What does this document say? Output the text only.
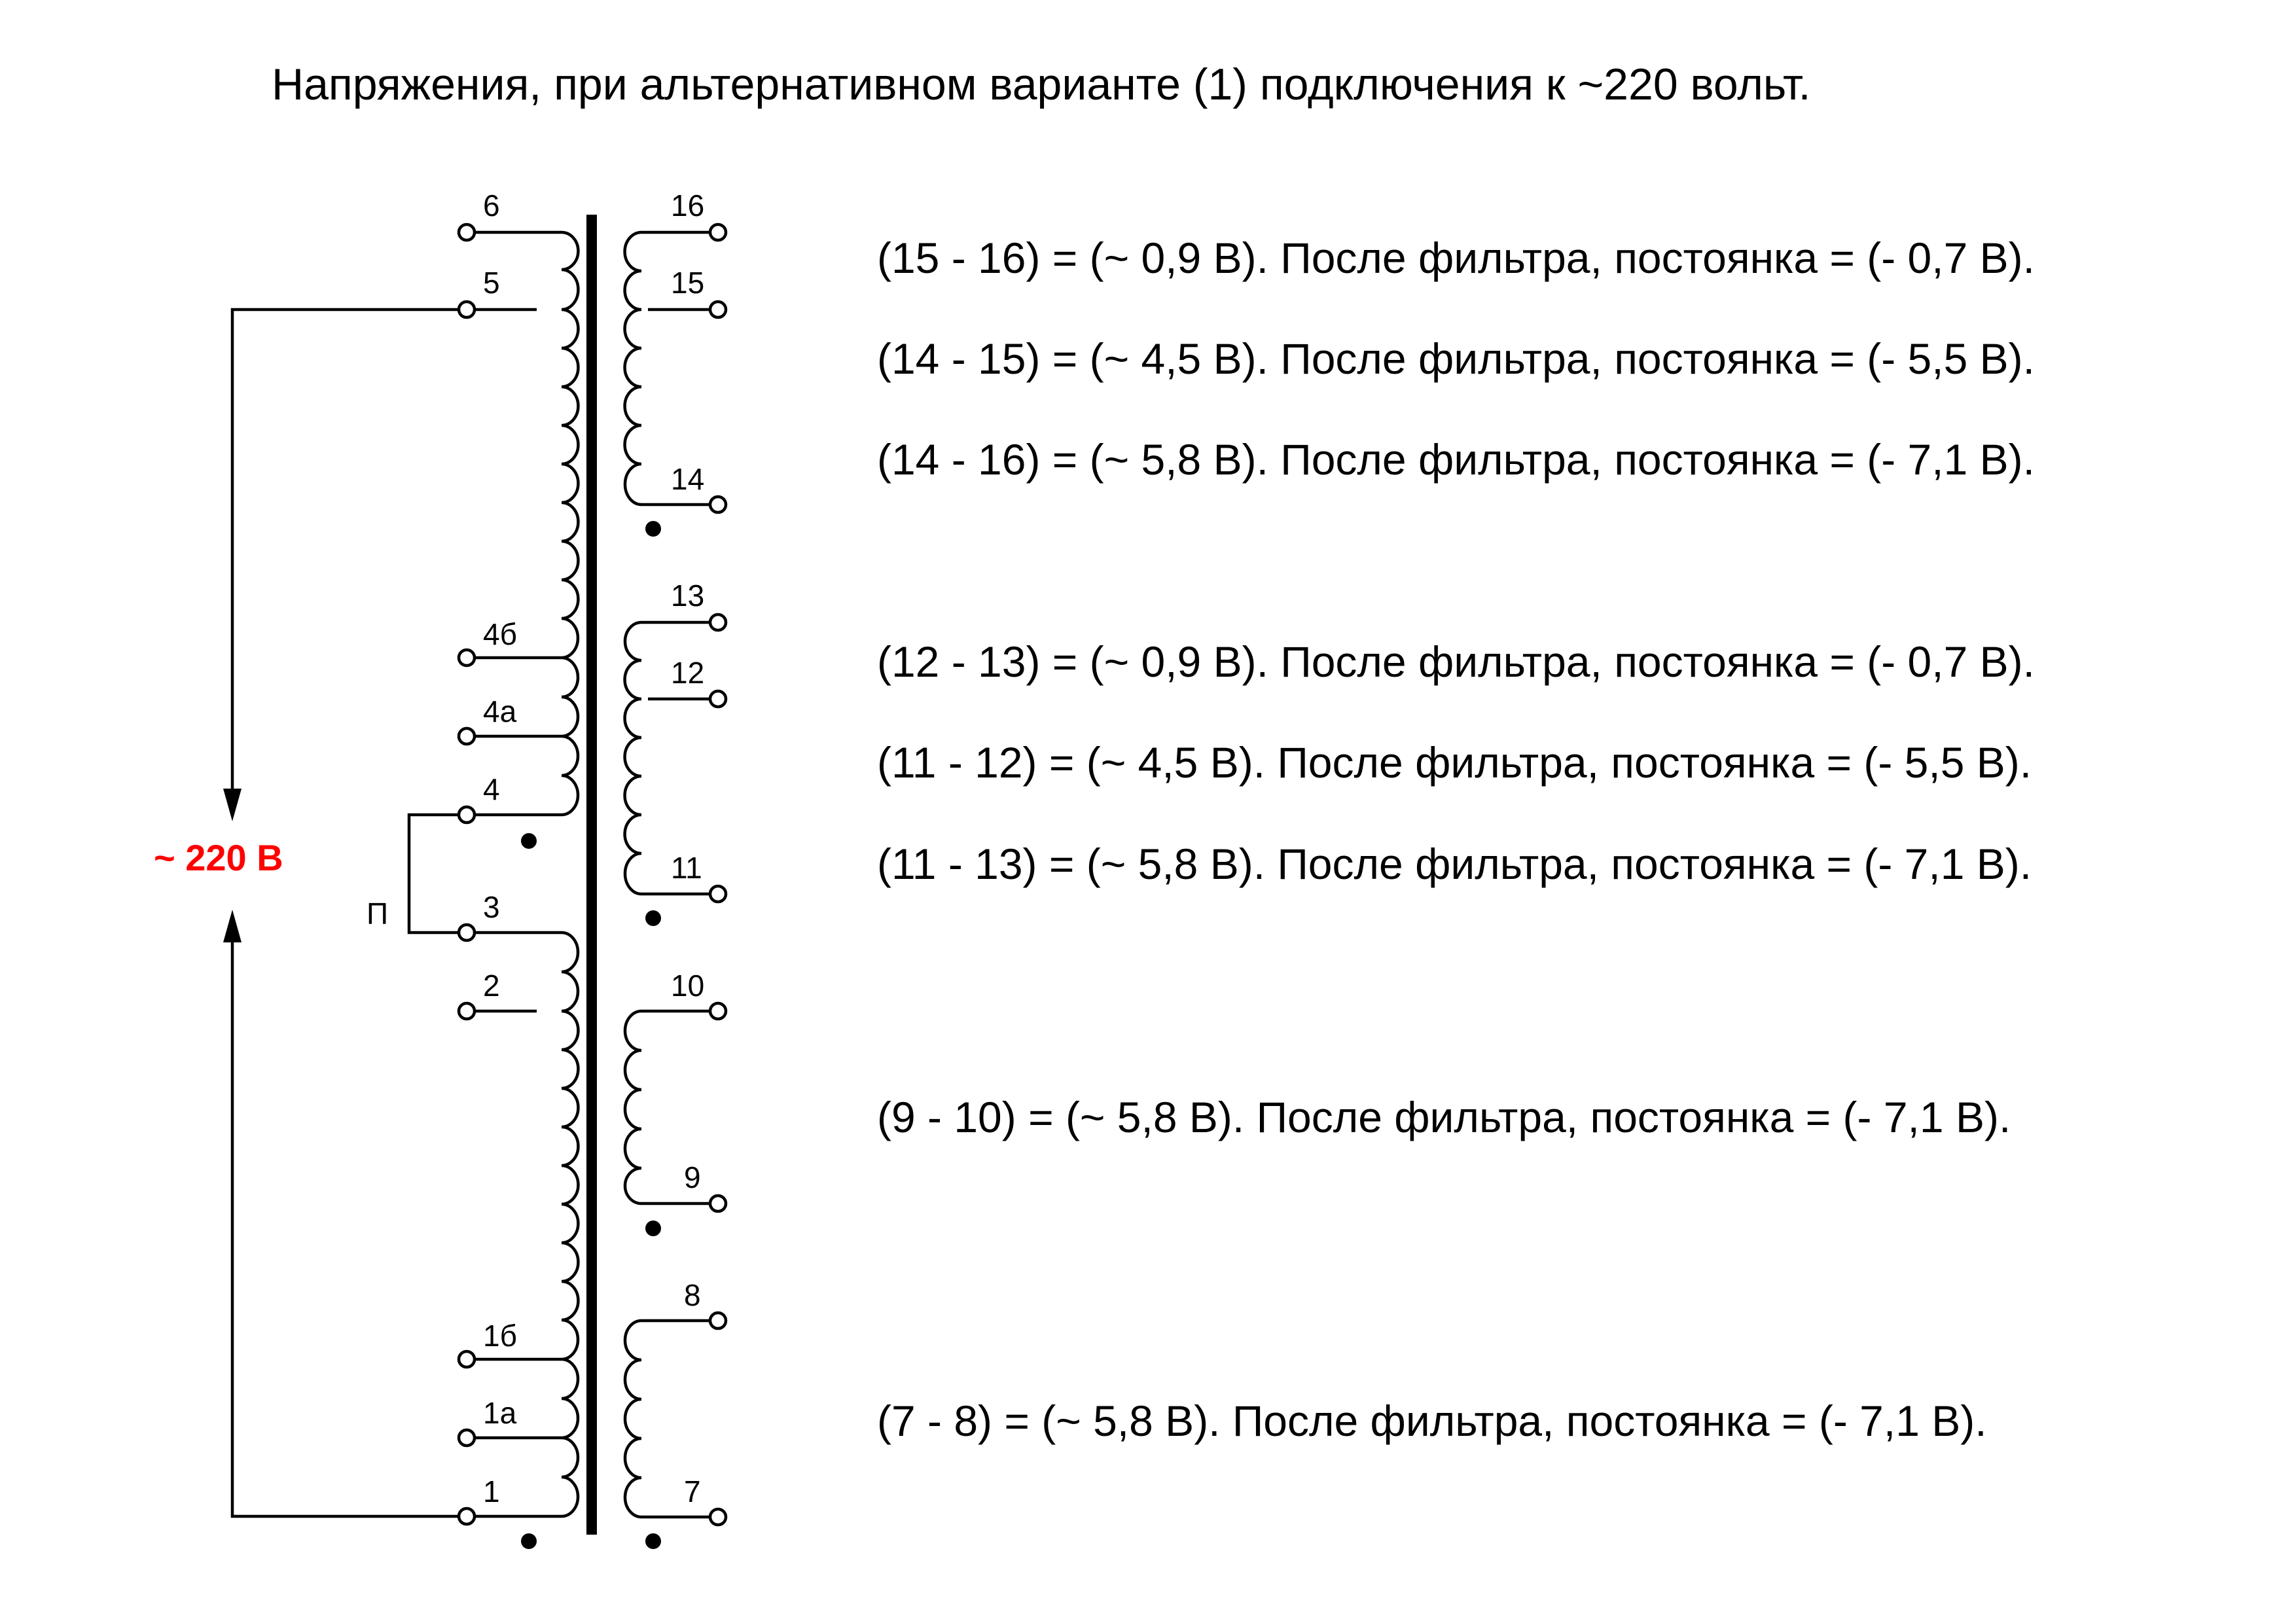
Напряжения, при альтернативном варианте (1) подключения к ~220 вольт.
П
~ 220 В
6
5
4б
4а
4
3
2
1б
1а
1
16
15
14
13
12
11
10
9
8
7
(15 - 16) = (~ 0,9 В). После фильтра, постоянка = (- 0,7 В).
(14 - 15) = (~ 4,5 В). После фильтра, постоянка = (- 5,5 В).
(14 - 16) = (~ 5,8 В). После фильтра, постоянка = (- 7,1 В).
(12 - 13) = (~ 0,9 В). После фильтра, постоянка = (- 0,7 В).
(11 - 12) = (~ 4,5 В). После фильтра, постоянка = (- 5,5 В).
(11 - 13) = (~ 5,8 В). После фильтра, постоянка = (- 7,1 В).
(9 - 10) = (~ 5,8 В). После фильтра, постоянка = (- 7,1 В).
(7 - 8) = (~ 5,8 В). После фильтра, постоянка = (- 7,1 В).
